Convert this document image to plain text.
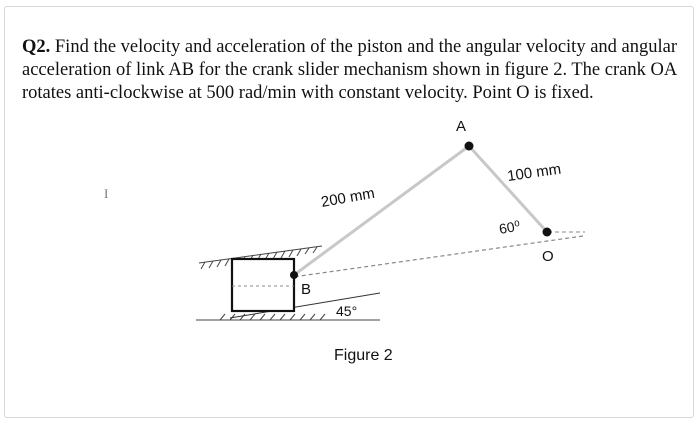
Q2. Find the velocity and acceleration of the piston and the angular velocity and angular acceleration of link AB for the crank slider mechanism shown in figure 2. The crank OA rotates anti-clockwise at 500 rad/min with constant velocity. Point O is fixed.

I
A
B
O
200 mm
100 mm
60⁰
45°
Figure 2
